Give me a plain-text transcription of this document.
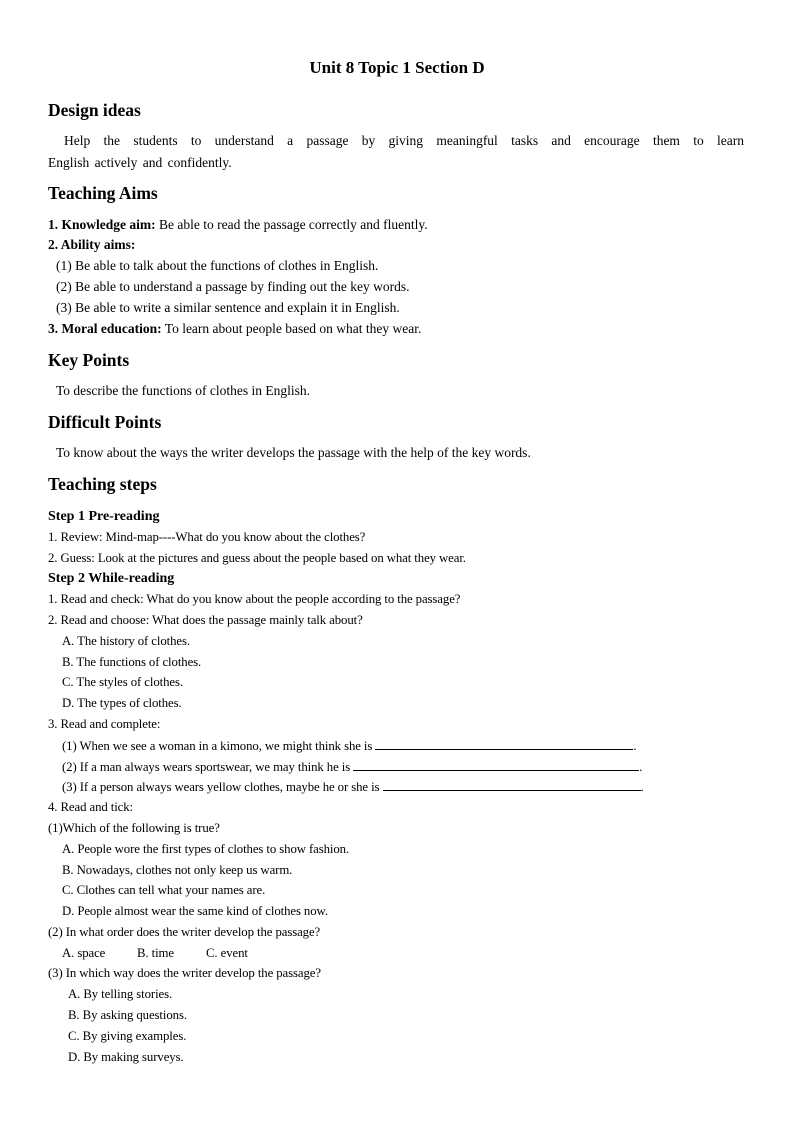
Unit 8 Topic 1 Section D
Design ideas
Help the students to understand a passage by giving meaningful tasks and encourage them to learn
English actively and confidently.
Teaching Aims
1. Knowledge aim: Be able to read the passage correctly and fluently.
2. Ability aims:
(1) Be able to talk about the functions of clothes in English.
(2) Be able to understand a passage by finding out the key words.
(3) Be able to write a similar sentence and explain it in English.
3. Moral education: To learn about people based on what they wear.
Key Points
To describe the functions of clothes in English.
Difficult Points
To know about the ways the writer develops the passage with the help of the key words.
Teaching steps
Step 1 Pre-reading
1. Review: Mind-map----What do you know about the clothes?
2. Guess: Look at the pictures and guess about the people based on what they wear.
Step 2 While-reading
1. Read and check: What do you know about the people according to the passage?
2. Read and choose: What does the passage mainly talk about?
A. The history of clothes.
B. The functions of clothes.
C. The styles of clothes.
D. The types of clothes.
3. Read and complete:
(1) When we see a woman in a kimono, we might think she is	.
(2) If a man always wears sportswear, we may think he is	.
(3) If a person always wears yellow clothes, maybe he or she is	.
4. Read and tick:
(1)Which of the following is true?
A. People wore the first types of clothes to show fashion.
B. Nowadays, clothes not only keep us warm.
C. Clothes can tell what your names are.
D. People almost wear the same kind of clothes now.
(2) In what order does the writer develop the passage?
A. space B. time	C. event
(3) In which way does the writer develop the passage?
A. By telling stories.
B. By asking questions.
C. By giving examples.
D. By making surveys.
